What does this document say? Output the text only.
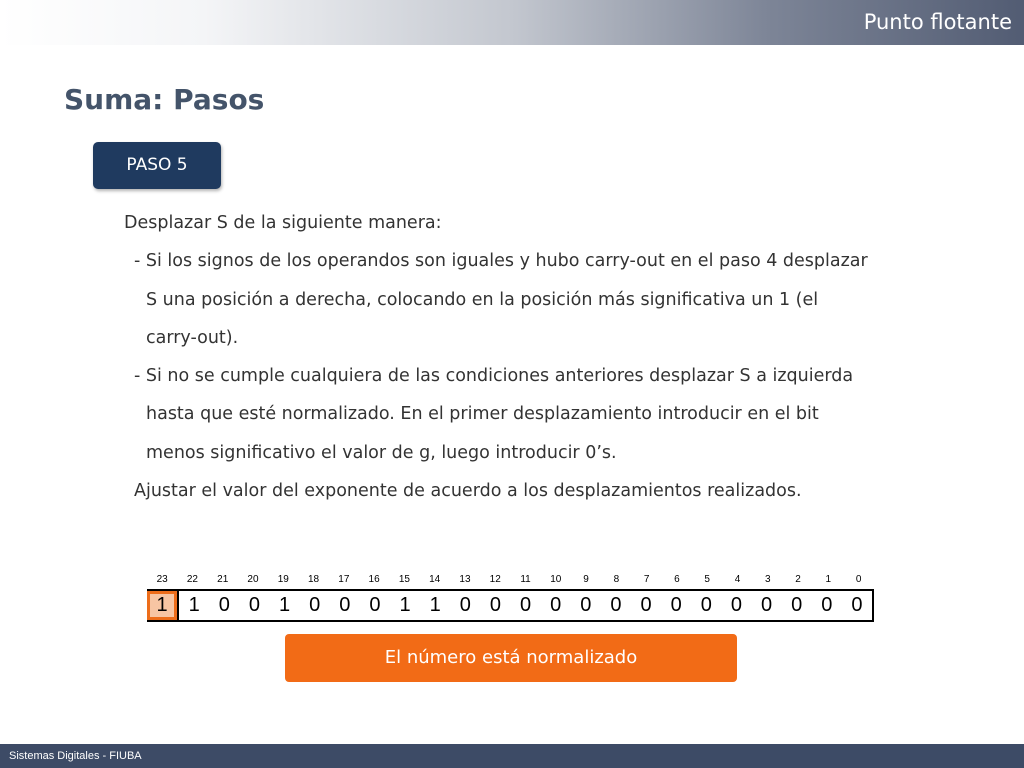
Punto flotante
Suma: Pasos
PASO 5
Desplazar S de la siguiente manera:
- Si los signos de los operandos son iguales y hubo carry-out en el paso 4 desplazar
S una posición a derecha, colocando en la posición más significativa un 1 (el
carry-out).
- Si no se cumple cualquiera de las condiciones anteriores desplazar S a izquierda
hasta que esté normalizado. En el primer desplazamiento introducir en el bit
menos significativo el valor de g, luego introducir 0’s.
Ajustar el valor del exponente de acuerdo a los desplazamientos realizados.
23	22	21	20	19	18	17	16	15	14	13	12	11	10	9	8	7	6	5	4	3	2	1	0
1	1 0 0 1 0 0 0 1 1 0 0 0 0 0 0 0 0 0 0 0 0 0 0
El número está normalizado
Sistemas Digitales - FIUBA
